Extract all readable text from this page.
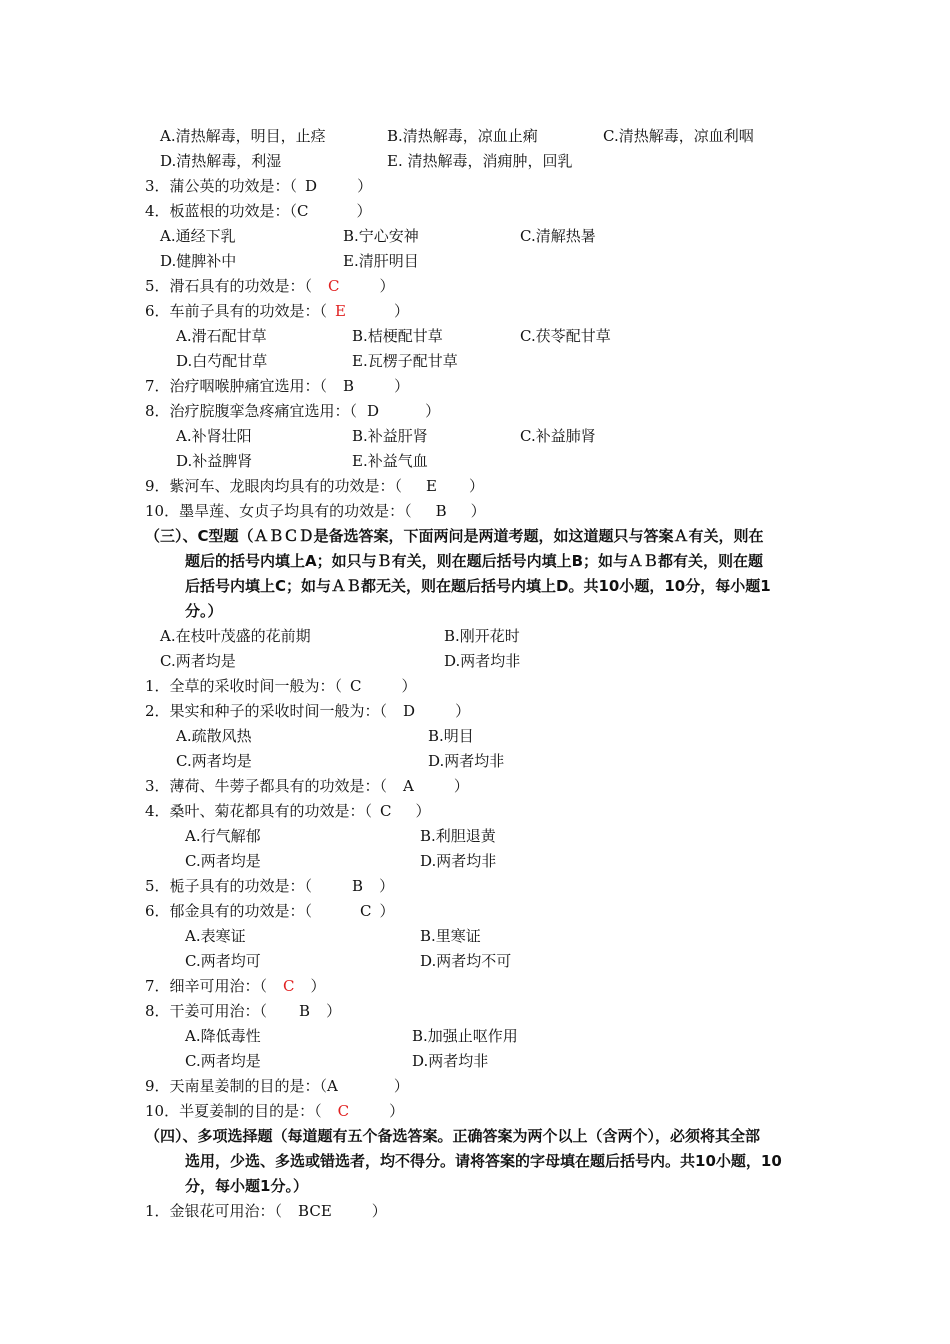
A.清热解毒，明目，止痉	B.清热解毒，凉血止痢	C.清热解毒，凉血利咽
D.清热解毒，利湿	E. 清热解毒，消痈肿，回乳
3．蒲公英的功效是：（ D	）
4．板蓝根的功效是：（C	）
A.通经下乳	B.宁心安神	C.清解热暑
D.健脾补中	E.清肝明目
5．滑石具有的功效是：（ C	）
6．车前子具有的功效是：（ E	）
A.滑石配甘草	B.桔梗配甘草	C.茯苓配甘草
D.白芍配甘草	E.瓦楞子配甘草
7．治疗咽喉肿痛宜选用：（ B	）
8．治疗脘腹挛急疼痛宜选用：（ D	）
A.补肾壮阳	B.补益肝肾	C.补益肺肾
D.补益脾肾	E.补益气血
9．紫河车、龙眼肉均具有的功效是：（ E ）
10．墨旱莲、女贞子均具有的功效是：（ B ）
（三）、C型题（ＡＢＣＤ是备选答案，下面两问是两道考题，如这道题只与答案Ａ有关，则在
题后的括号内填上A；如只与Ｂ有关，则在题后括号内填上B；如与ＡＢ都有关，则在题
后括号内填上C；如与ＡＢ都无关，则在题后括号内填上D。共10小题，10分，每小题1
分。）
A.在枝叶茂盛的花前期	B.刚开花时
C.两者均是	D.两者均非
1．全草的采收时间一般为：（ C	）
2．果实和种子的采收时间一般为：（ D	）
A.疏散风热	B.明目
C.两者均是	D.两者均非
3．薄荷、牛蒡子都具有的功效是：（ A	）
4．桑叶、菊花都具有的功效是：（ C ）
A.行气解郁	B.利胆退黄
C.两者均是	D.两者均非
5．栀子具有的功效是：（	B ）
6．郁金具有的功效是：（	C ）
A.表寒证	B.里寒证
C.两者均可	D.两者均不可
7．细辛可用治：（ C ）
8．干姜可用治：（ B ）
A.降低毒性	B.加强止呕作用
C.两者均是	D.两者均非
9．天南星姜制的目的是：（A	）
10．半夏姜制的目的是：（ C	）
（四）、多项选择题（每道题有五个备选答案。正确答案为两个以上（含两个），必须将其全部
选用，少选、多选或错选者，均不得分。请将答案的字母填在题后括号内。共10小题，10
分，每小题1分。）
1．金银花可用治：（ BCE	）
